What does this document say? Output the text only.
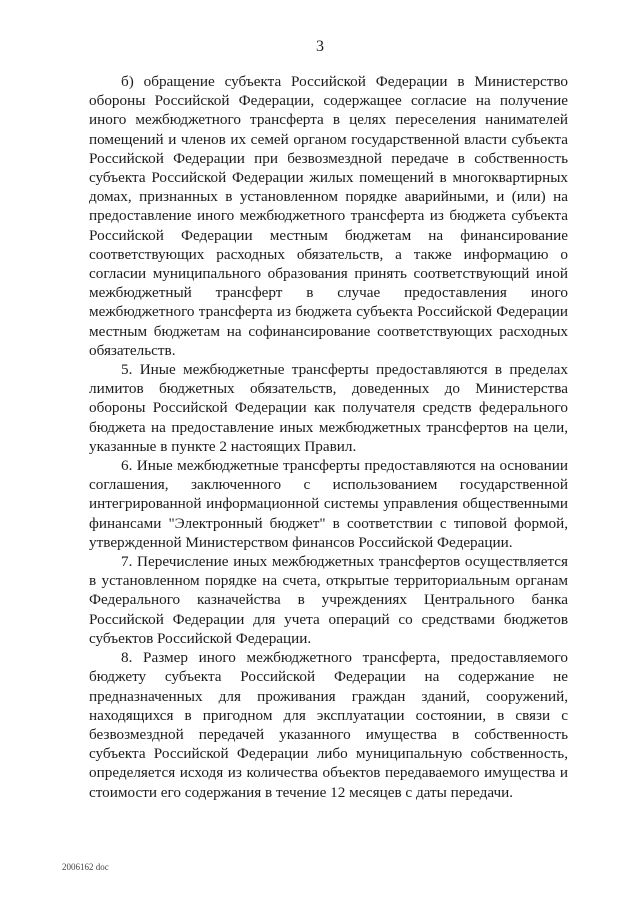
3

б) обращение субъекта Российской Федерации в Министерство обороны Российской Федерации, содержащее согласие на получение иного межбюджетного трансферта в целях переселения нанимателей помещений и членов их семей органом государственной власти субъекта Российской Федерации при безвозмездной передаче в собственность субъекта Российской Федерации жилых помещений в многоквартирных домах, признанных в установленном порядке аварийными, и (или) на предоставление иного межбюджетного трансферта из бюджета субъекта Российской Федерации местным бюджетам на финансирование соответствующих расходных обязательств, а также информацию о согласии муниципального образования принять соответствующий иной межбюджетный трансферт в случае предоставления иного межбюджетного трансферта из бюджета субъекта Российской Федерации местным бюджетам на софинансирование соответствующих расходных обязательств.

5. Иные межбюджетные трансферты предоставляются в пределах лимитов бюджетных обязательств, доведенных до Министерства обороны Российской Федерации как получателя средств федерального бюджета на предоставление иных межбюджетных трансфертов на цели, указанные в пункте 2 настоящих Правил.

6. Иные межбюджетные трансферты предоставляются на основании соглашения, заключенного с использованием государственной интегрированной информационной системы управления общественными финансами "Электронный бюджет" в соответствии с типовой формой, утвержденной Министерством финансов Российской Федерации.

7. Перечисление иных межбюджетных трансфертов осуществляется в установленном порядке на счета, открытые территориальным органам Федерального казначейства в учреждениях Центрального банка Российской Федерации для учета операций со средствами бюджетов субъектов Российской Федерации.

8. Размер иного межбюджетного трансферта, предоставляемого бюджету субъекта Российской Федерации на содержание не предназначенных для проживания граждан зданий, сооружений, находящихся в пригодном для эксплуатации состоянии, в связи с безвозмездной передачей указанного имущества в собственность субъекта Российской Федерации либо муниципальную собственность, определяется исходя из количества объектов передаваемого имущества и стоимости его содержания в течение 12 месяцев с даты передачи.

2006162 doc
